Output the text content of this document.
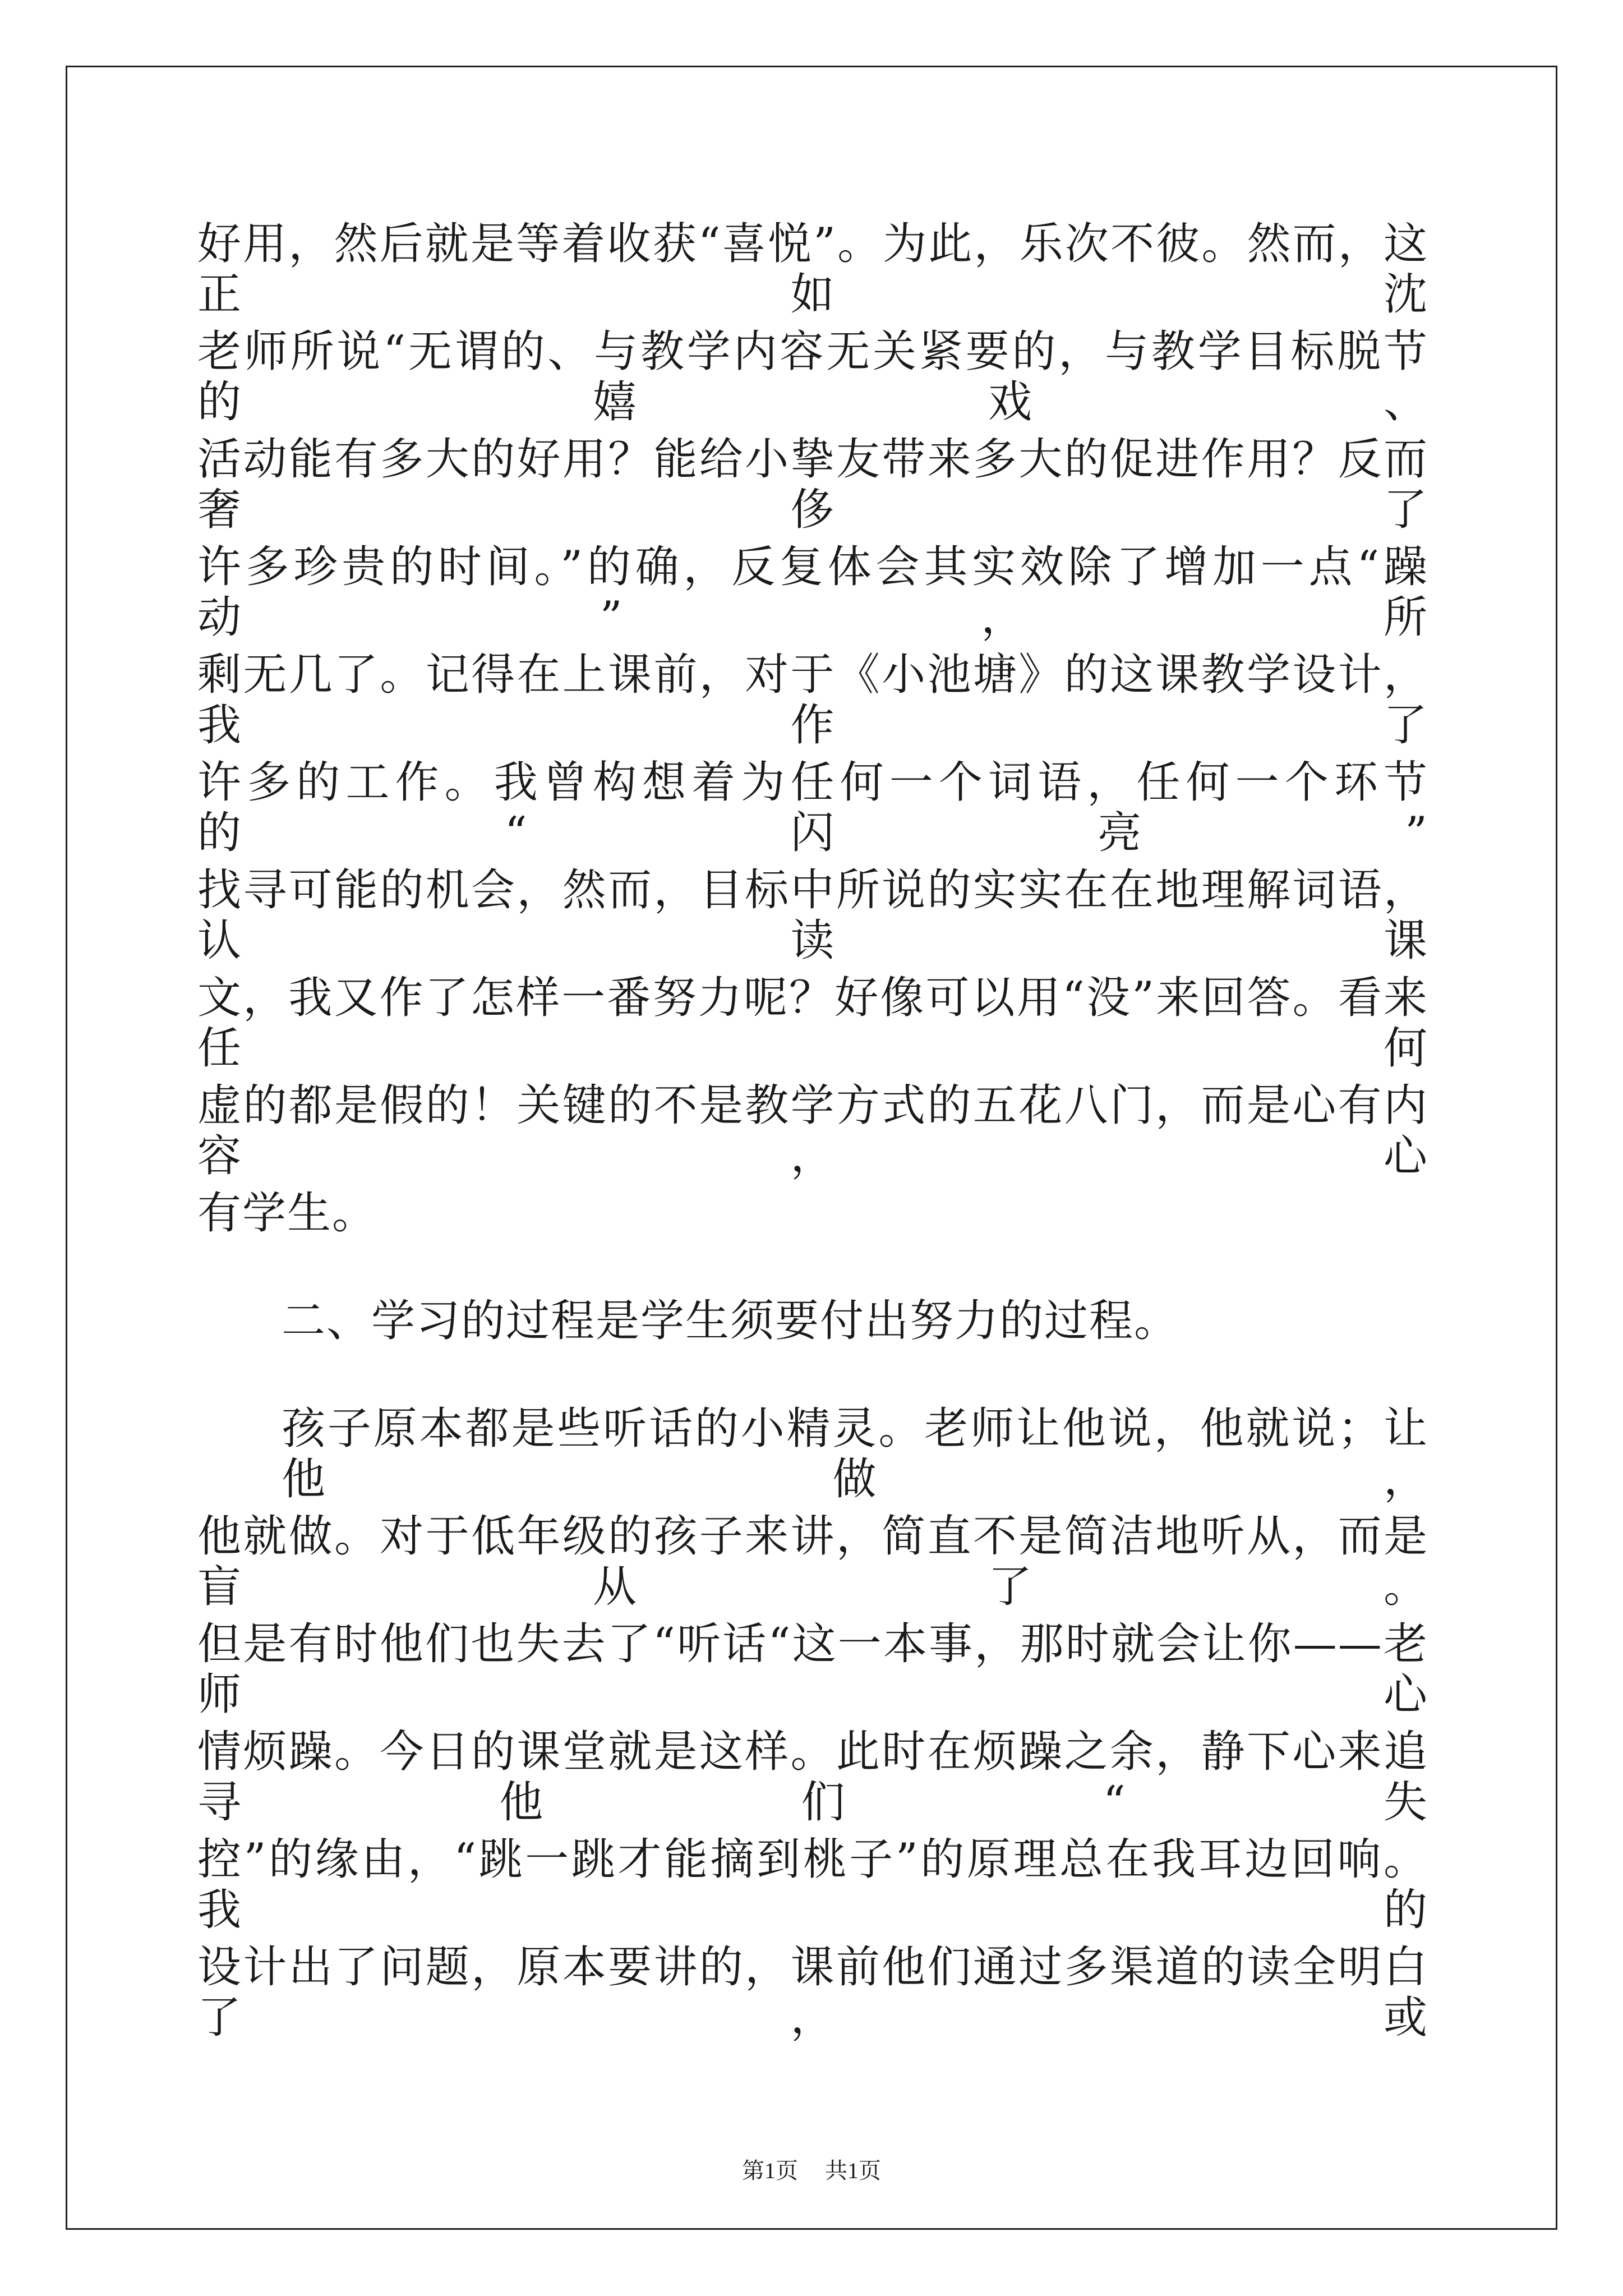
好用，然后就是等着收获“喜悦”。为此，乐次不彼。然而，这正如沈
老师所说“无谓的、与教学内容无关紧要的，与教学目标脱节的嬉戏、
活动能有多大的好用？能给小挚友带来多大的促进作用？反而奢侈了
许多珍贵的时间。”的确，反复体会其实效除了增加一点“躁动”，所
剩无几了。记得在上课前，对于《小池塘》的这课教学设计，我作了
许多的工作。我曾构想着为任何一个词语，任何一个环节的“闪亮”
找寻可能的机会，然而，目标中所说的实实在在地理解词语，认读课
文，我又作了怎样一番努力呢？好像可以用“没”来回答。看来任何
虚的都是假的！关键的不是教学方式的五花八门，而是心有内容，心
有学生。
二、学习的过程是学生须要付出努力的过程。
孩子原本都是些听话的小精灵。老师让他说，他就说；让他做，
他就做。对于低年级的孩子来讲，简直不是简洁地听从，而是盲从了。
但是有时他们也失去了“听话“这一本事，那时就会让你——老师心
情烦躁。今日的课堂就是这样。此时在烦躁之余，静下心来追寻他们“失
控”的缘由，“跳一跳才能摘到桃子”的原理总在我耳边回响。我的
设计出了问题，原本要讲的，课前他们通过多渠道的读全明白了，或
第1页 共1页
